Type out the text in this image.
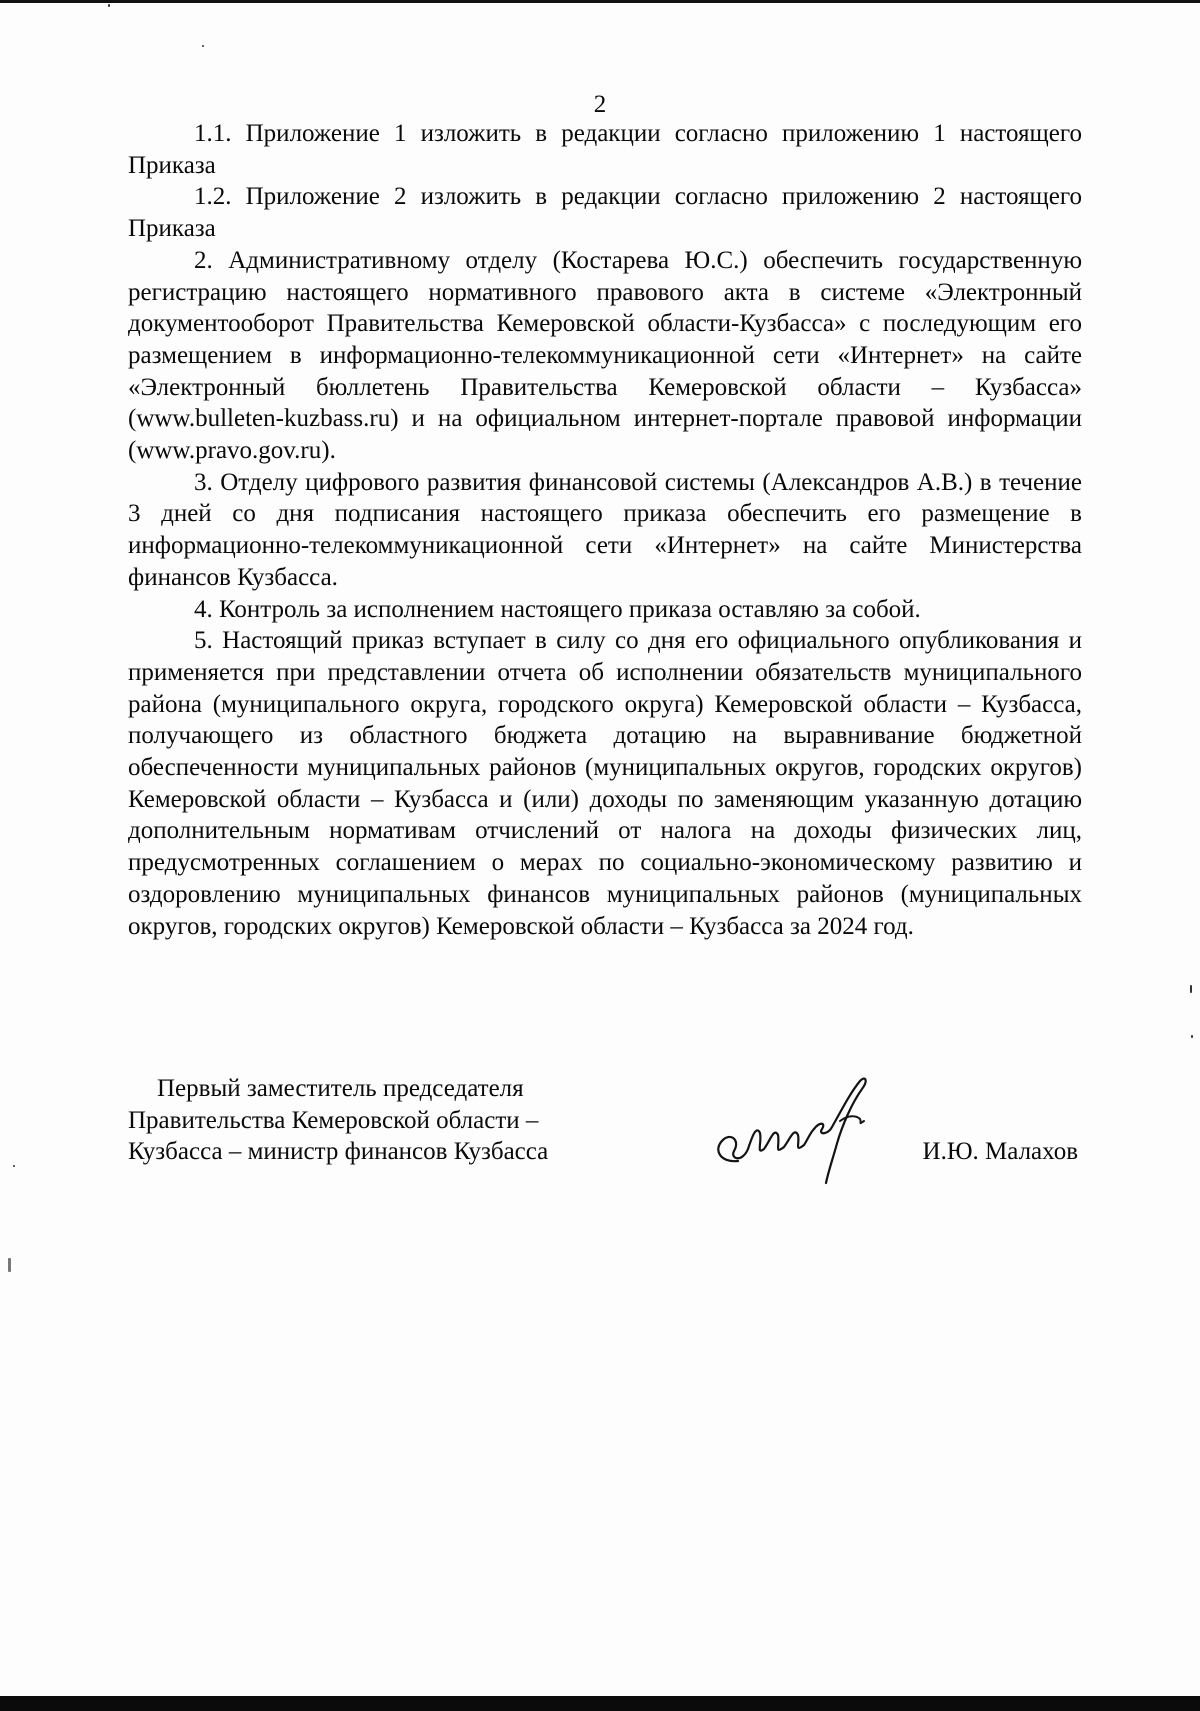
2

1.1. Приложение 1 изложить в редакции согласно приложению 1 настоящего Приказа

1.2. Приложение 2 изложить в редакции согласно приложению 2 настоящего Приказа

2. Административному отделу (Костарева Ю.С.) обеспечить государственную регистрацию настоящего нормативного правового акта в системе «Электронный документооборот Правительства Кемеровской области-Кузбасса» с последующим его размещением в информационно-телекоммуникационной сети «Интернет» на сайте «Электронный бюллетень Правительства Кемеровской области – Кузбасса» (www.bulleten-kuzbass.ru) и на официальном интернет-портале правовой информации (www.pravo.gov.ru).

3. Отделу цифрового развития финансовой системы (Александров А.В.) в течение 3 дней со дня подписания настоящего приказа обеспечить его размещение в информационно-телекоммуникационной сети «Интернет» на сайте Министерства финансов Кузбасса.

4. Контроль за исполнением настоящего приказа оставляю за собой.

5. Настоящий приказ вступает в силу со дня его официального опубликования и применяется при представлении отчета об исполнении обязательств муниципального района (муниципального округа, городского округа) Кемеровской области – Кузбасса, получающего из областного бюджета дотацию на выравнивание бюджетной обеспеченности муниципальных районов (муниципальных округов, городских округов) Кемеровской области – Кузбасса и (или) доходы по заменяющим указанную дотацию дополнительным нормативам отчислений от налога на доходы физических лиц, предусмотренных соглашением о мерах по социально-экономическому развитию и оздоровлению муниципальных финансов муниципальных районов (муниципальных округов, городских округов) Кемеровской области – Кузбасса за 2024 год.

Первый заместитель председателя
Правительства Кемеровской области –
Кузбасса – министр финансов Кузбасса	И.Ю. Малахов
